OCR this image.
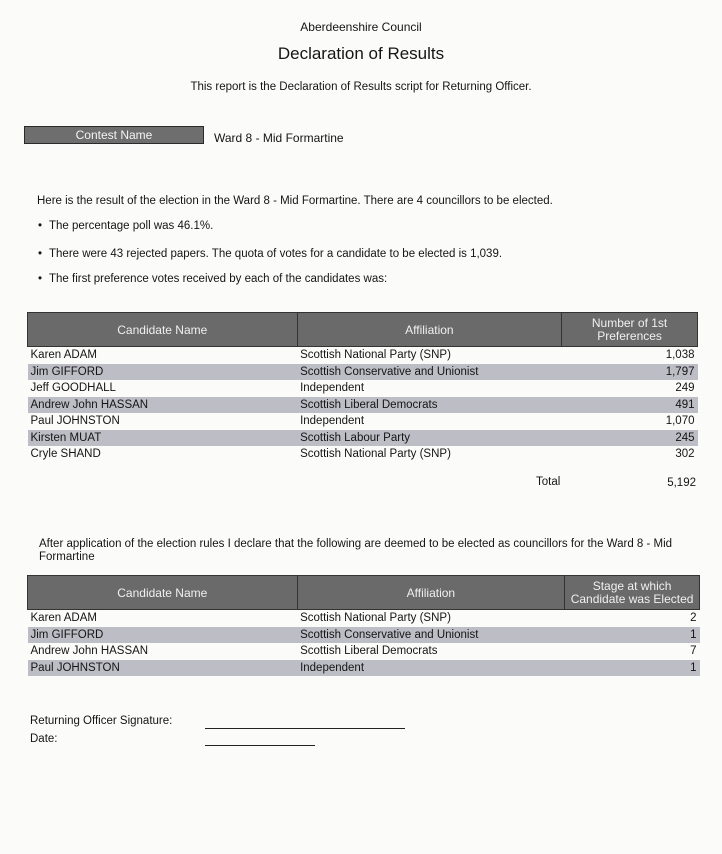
Aberdeenshire Council
Declaration of Results
This report is the Declaration of Results script for Returning Officer.
Contest Name	Ward 8 - Mid Formartine
Here is the result of the election in the Ward 8 - Mid Formartine. There are 4 councillors to be elected.
• The percentage poll was 46.1%.
• There were 43 rejected papers. The quota of votes for a candidate to be elected is 1,039.
• The first preference votes received by each of the candidates was:
Candidate Name	Affiliation	Number of 1st Preferences
Karen ADAM	Scottish National Party (SNP)	1,038
Jim GIFFORD	Scottish Conservative and Unionist	1,797
Jeff GOODHALL	Independent	249
Andrew John HASSAN	Scottish Liberal Democrats	491
Paul JOHNSTON	Independent	1,070
Kirsten MUAT	Scottish Labour Party	245
Cryle SHAND	Scottish National Party (SNP)	302
Total	5,192
After application of the election rules I declare that the following are deemed to be elected as councillors for the Ward 8 - Mid Formartine
Candidate Name	Affiliation	Stage at which Candidate was Elected
Karen ADAM	Scottish National Party (SNP)	2
Jim GIFFORD	Scottish Conservative and Unionist	1
Andrew John HASSAN	Scottish Liberal Democrats	7
Paul JOHNSTON	Independent	1
Returning Officer Signature:
Date:
